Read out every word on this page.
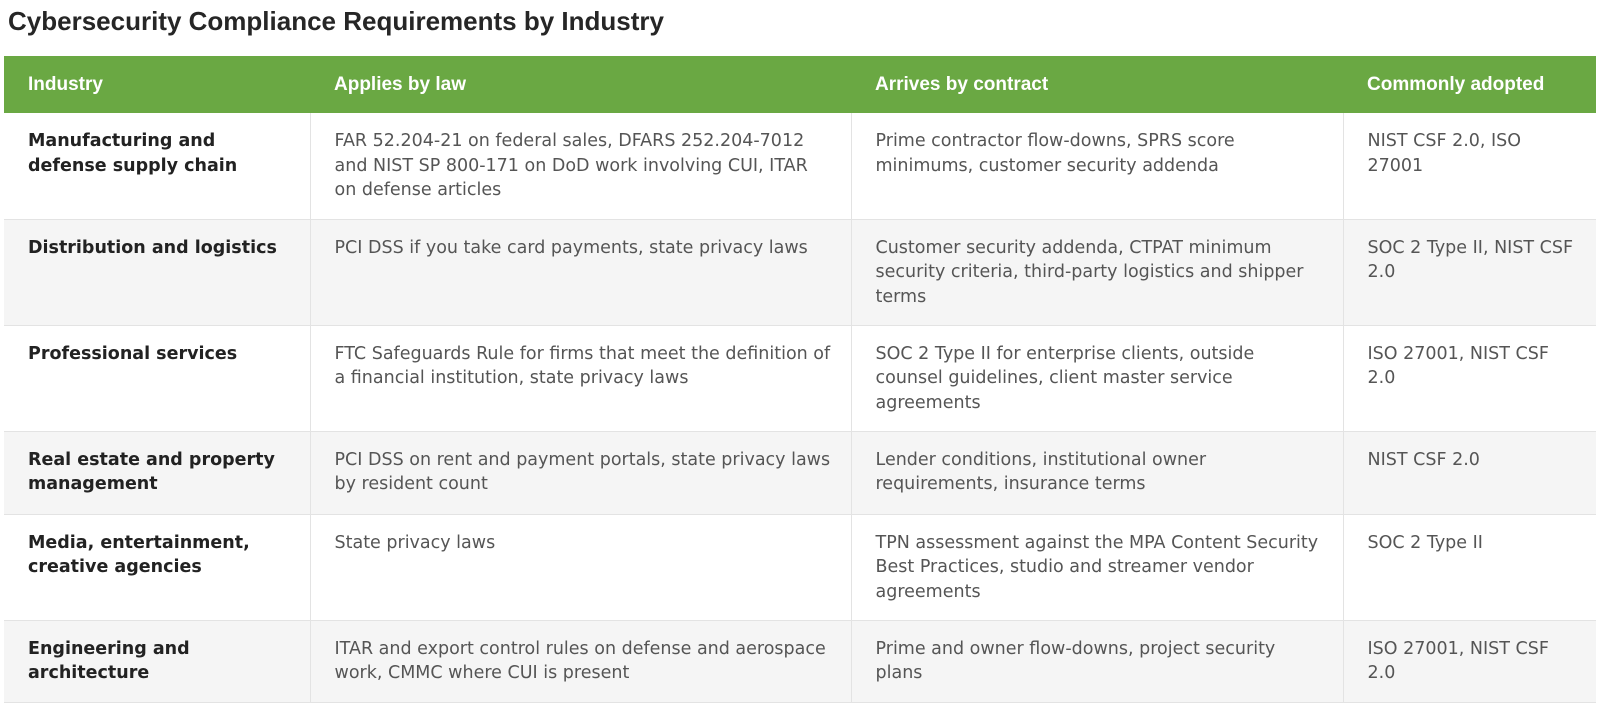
Cybersecurity Compliance Requirements by Industry
Industry	Applies by law	Arrives by contract	Commonly adopted
Manufacturing and defense supply chain	FAR 52.204-21 on federal sales, DFARS 252.204-7012 and NIST SP 800-171 on DoD work involving CUI, ITAR on defense articles	Prime contractor flow-downs, SPRS score minimums, customer security addenda	NIST CSF 2.0, ISO 27001
Distribution and logistics	PCI DSS if you take card payments, state privacy laws	Customer security addenda, CTPAT minimum security criteria, third-party logistics and shipper terms	SOC 2 Type II, NIST CSF 2.0
Professional services	FTC Safeguards Rule for firms that meet the definition of a financial institution, state privacy laws	SOC 2 Type II for enterprise clients, outside counsel guidelines, client master service agreements	ISO 27001, NIST CSF 2.0
Real estate and property management	PCI DSS on rent and payment portals, state privacy laws by resident count	Lender conditions, institutional owner requirements, insurance terms	NIST CSF 2.0
Media, entertainment, creative agencies	State privacy laws	TPN assessment against the MPA Content Security Best Practices, studio and streamer vendor agreements	SOC 2 Type II
Engineering and architecture	ITAR and export control rules on defense and aerospace work, CMMC where CUI is present	Prime and owner flow-downs, project security plans	ISO 27001, NIST CSF 2.0
